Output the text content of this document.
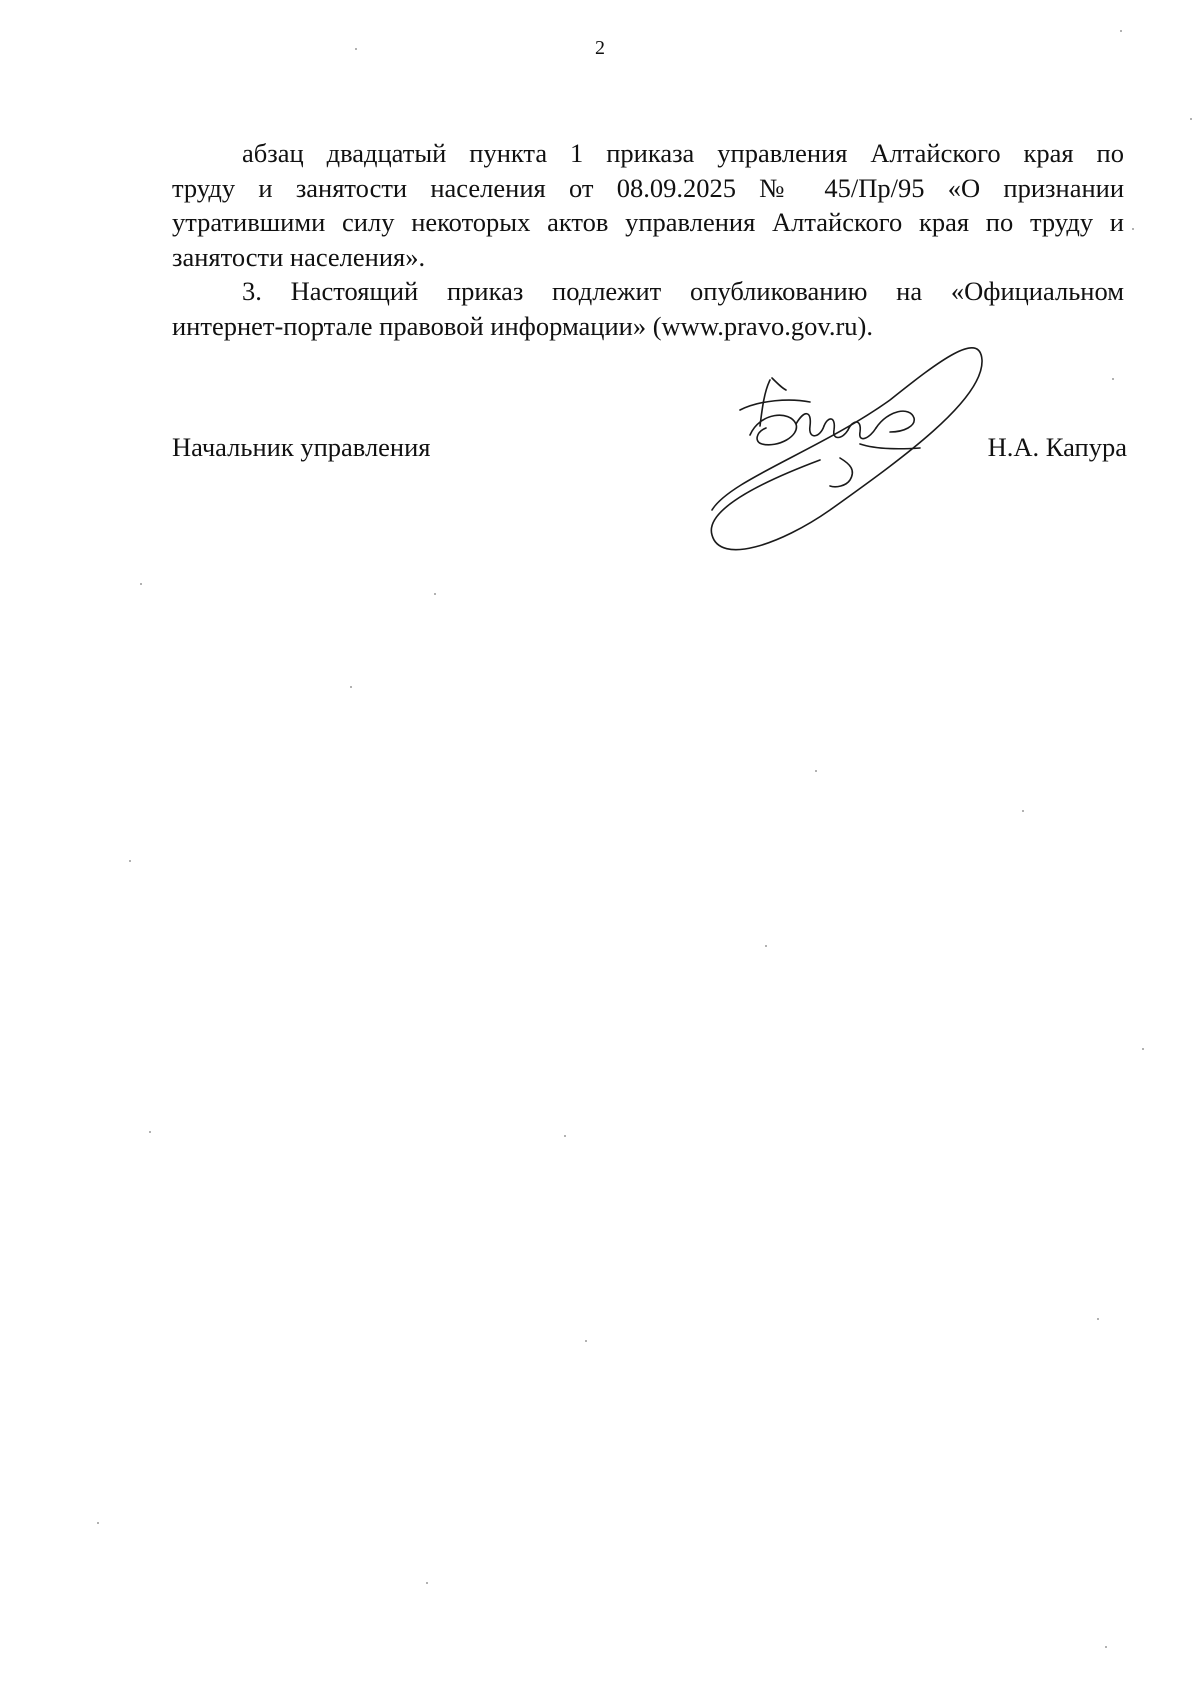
2
абзац двадцатый пункта 1 приказа управления Алтайского края по
труду и занятости населения от 08.09.2025 № 45/Пр/95 «О признании
утратившими силу некоторых актов управления Алтайского края по труду и
занятости населения».
3. Настоящий приказ подлежит опубликованию на «Официальном
интернет-портале правовой информации» (www.pravo.gov.ru).
Начальник управления	Н.А. Капура
